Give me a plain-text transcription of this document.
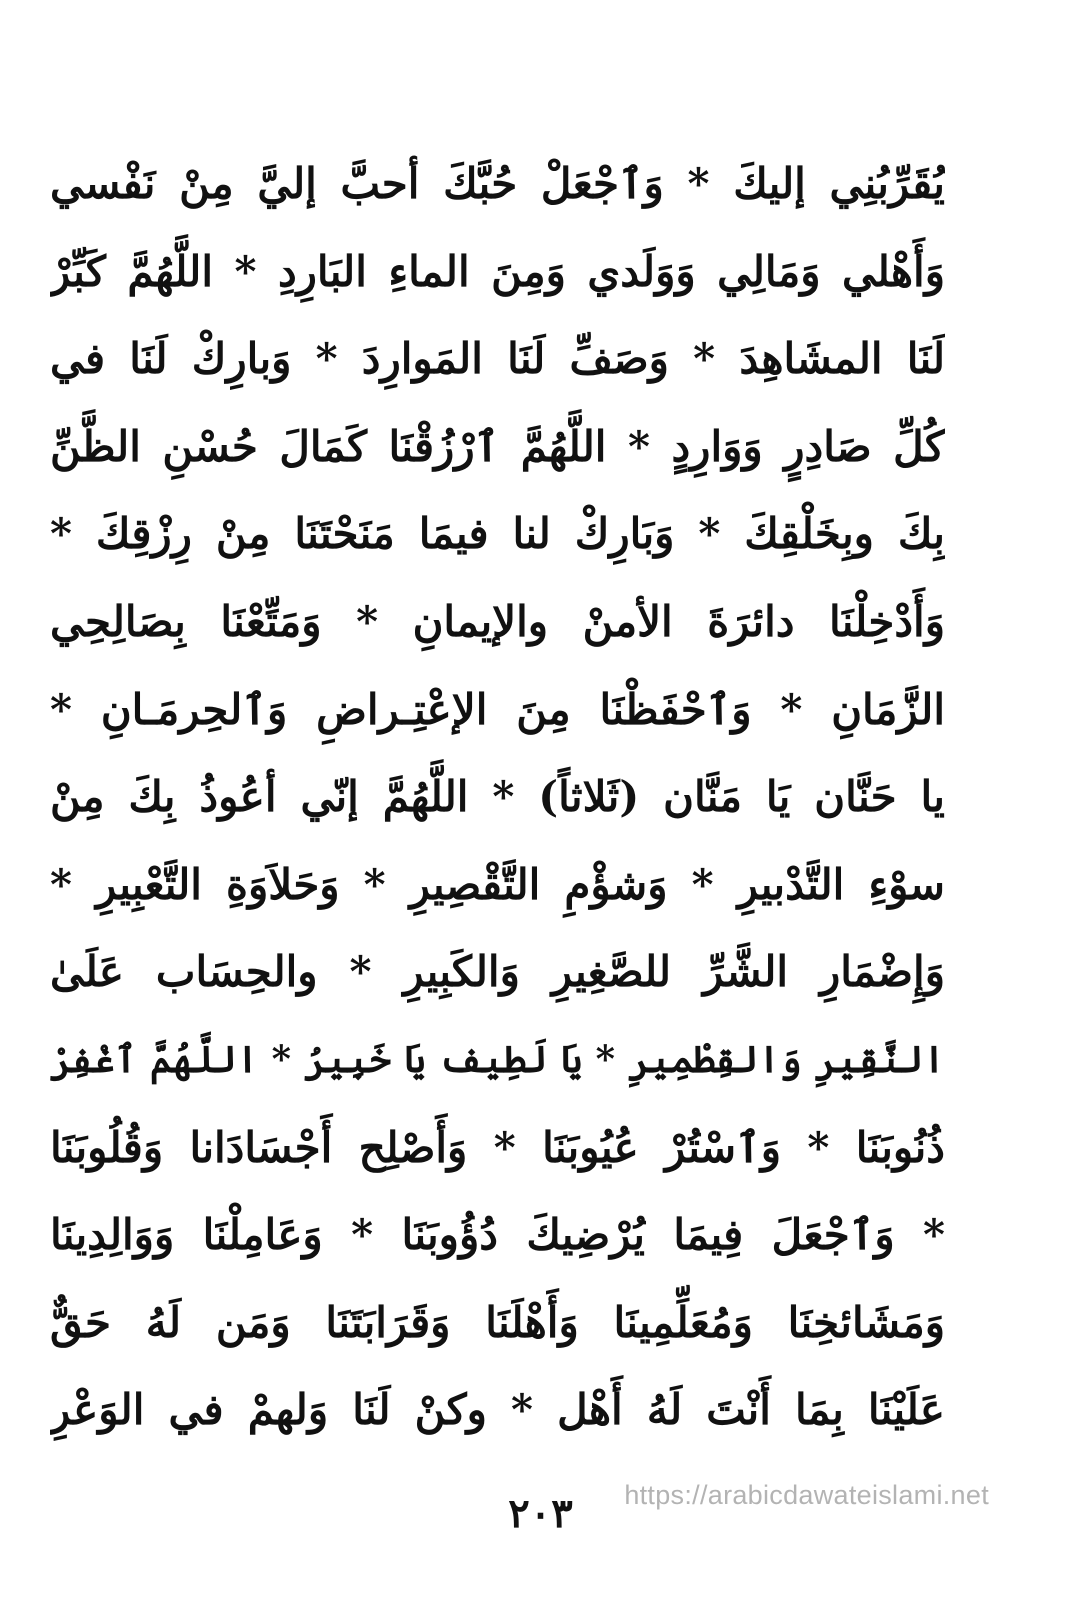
يُقَرِّبُنِي إليكَ * وَٱجْعَلْ حُبَّكَ أحبَّ إليَّ مِنْ نَفْسي
وَأَهْلي وَمَالِي وَوَلَدي وَمِنَ الماءِ البَارِدِ * اللَّهُمَّ كَبِّرْ
لَنَا المشَاهِدَ * وَصَفِّ لَنَا المَوارِدَ * وَبارِكْ لَنَا في
كُلِّ صَادِرٍ وَوَارِدٍ * اللَّهُمَّ ٱرْزُقْنَا كَمَالَ حُسْنِ الظَّنِّ
بِكَ وبِخَلْقِكَ * وَبَارِكْ لنا فيمَا مَنَحْتَنَا مِنْ رِزْقِكَ *
وَأَدْخِلْنَا دائرَةَ الأمنْ والإيمانِ * وَمَتِّعْنَا بِصَالِحِي
الزَّمَانِ * وَٱحْفَظْنَا مِنَ الإعْتِـراضِ وَٱلحِرمَـانِ *
يا حَنَّان يَا مَنَّان (ثَلاثاً) * اللَّهُمَّ إنّي أعُوذُ بِكَ مِنْ
سوْءِ التَّدْبيرِ * وَشؤْمِ التَّقْصِيرِ * وَحَلاَوَةِ التَّعْبِيرِ *
وَإِضْمَارِ الشَّرِّ للصَّغِيرِ وَالكَبِيرِ * والحِسَاب عَلَىٰ
النَّقِيرِ وَالقِطْمِيرِ * يَا لَطِيف يَا خَبِيرُ * اللَّهُمَّ ٱغْفِرْ
ذُنُوبَنَا * وَٱسْتُرْ عُيُوبَنَا * وَأَصْلِح أَجْسَادَانا وَقُلُوبَنَا
* وَٱجْعَلَ فِيمَا يُرْضِيكَ دُؤُوبَنَا * وَعَامِلْنَا وَوَالِدِينَا
وَمَشَائخِنَا وَمُعَلِّمِينَا وَأَهْلَنَا وَقَرَابَتَنَا وَمَن لَهُ حَقٌّ
عَلَيْنَا بِمَا أَنْتَ لَهُ أَهْل * وكنْ لَنَا وَلهمْ في الوَعْرِ
https://arabicdawateislami.net
٢٠٣
